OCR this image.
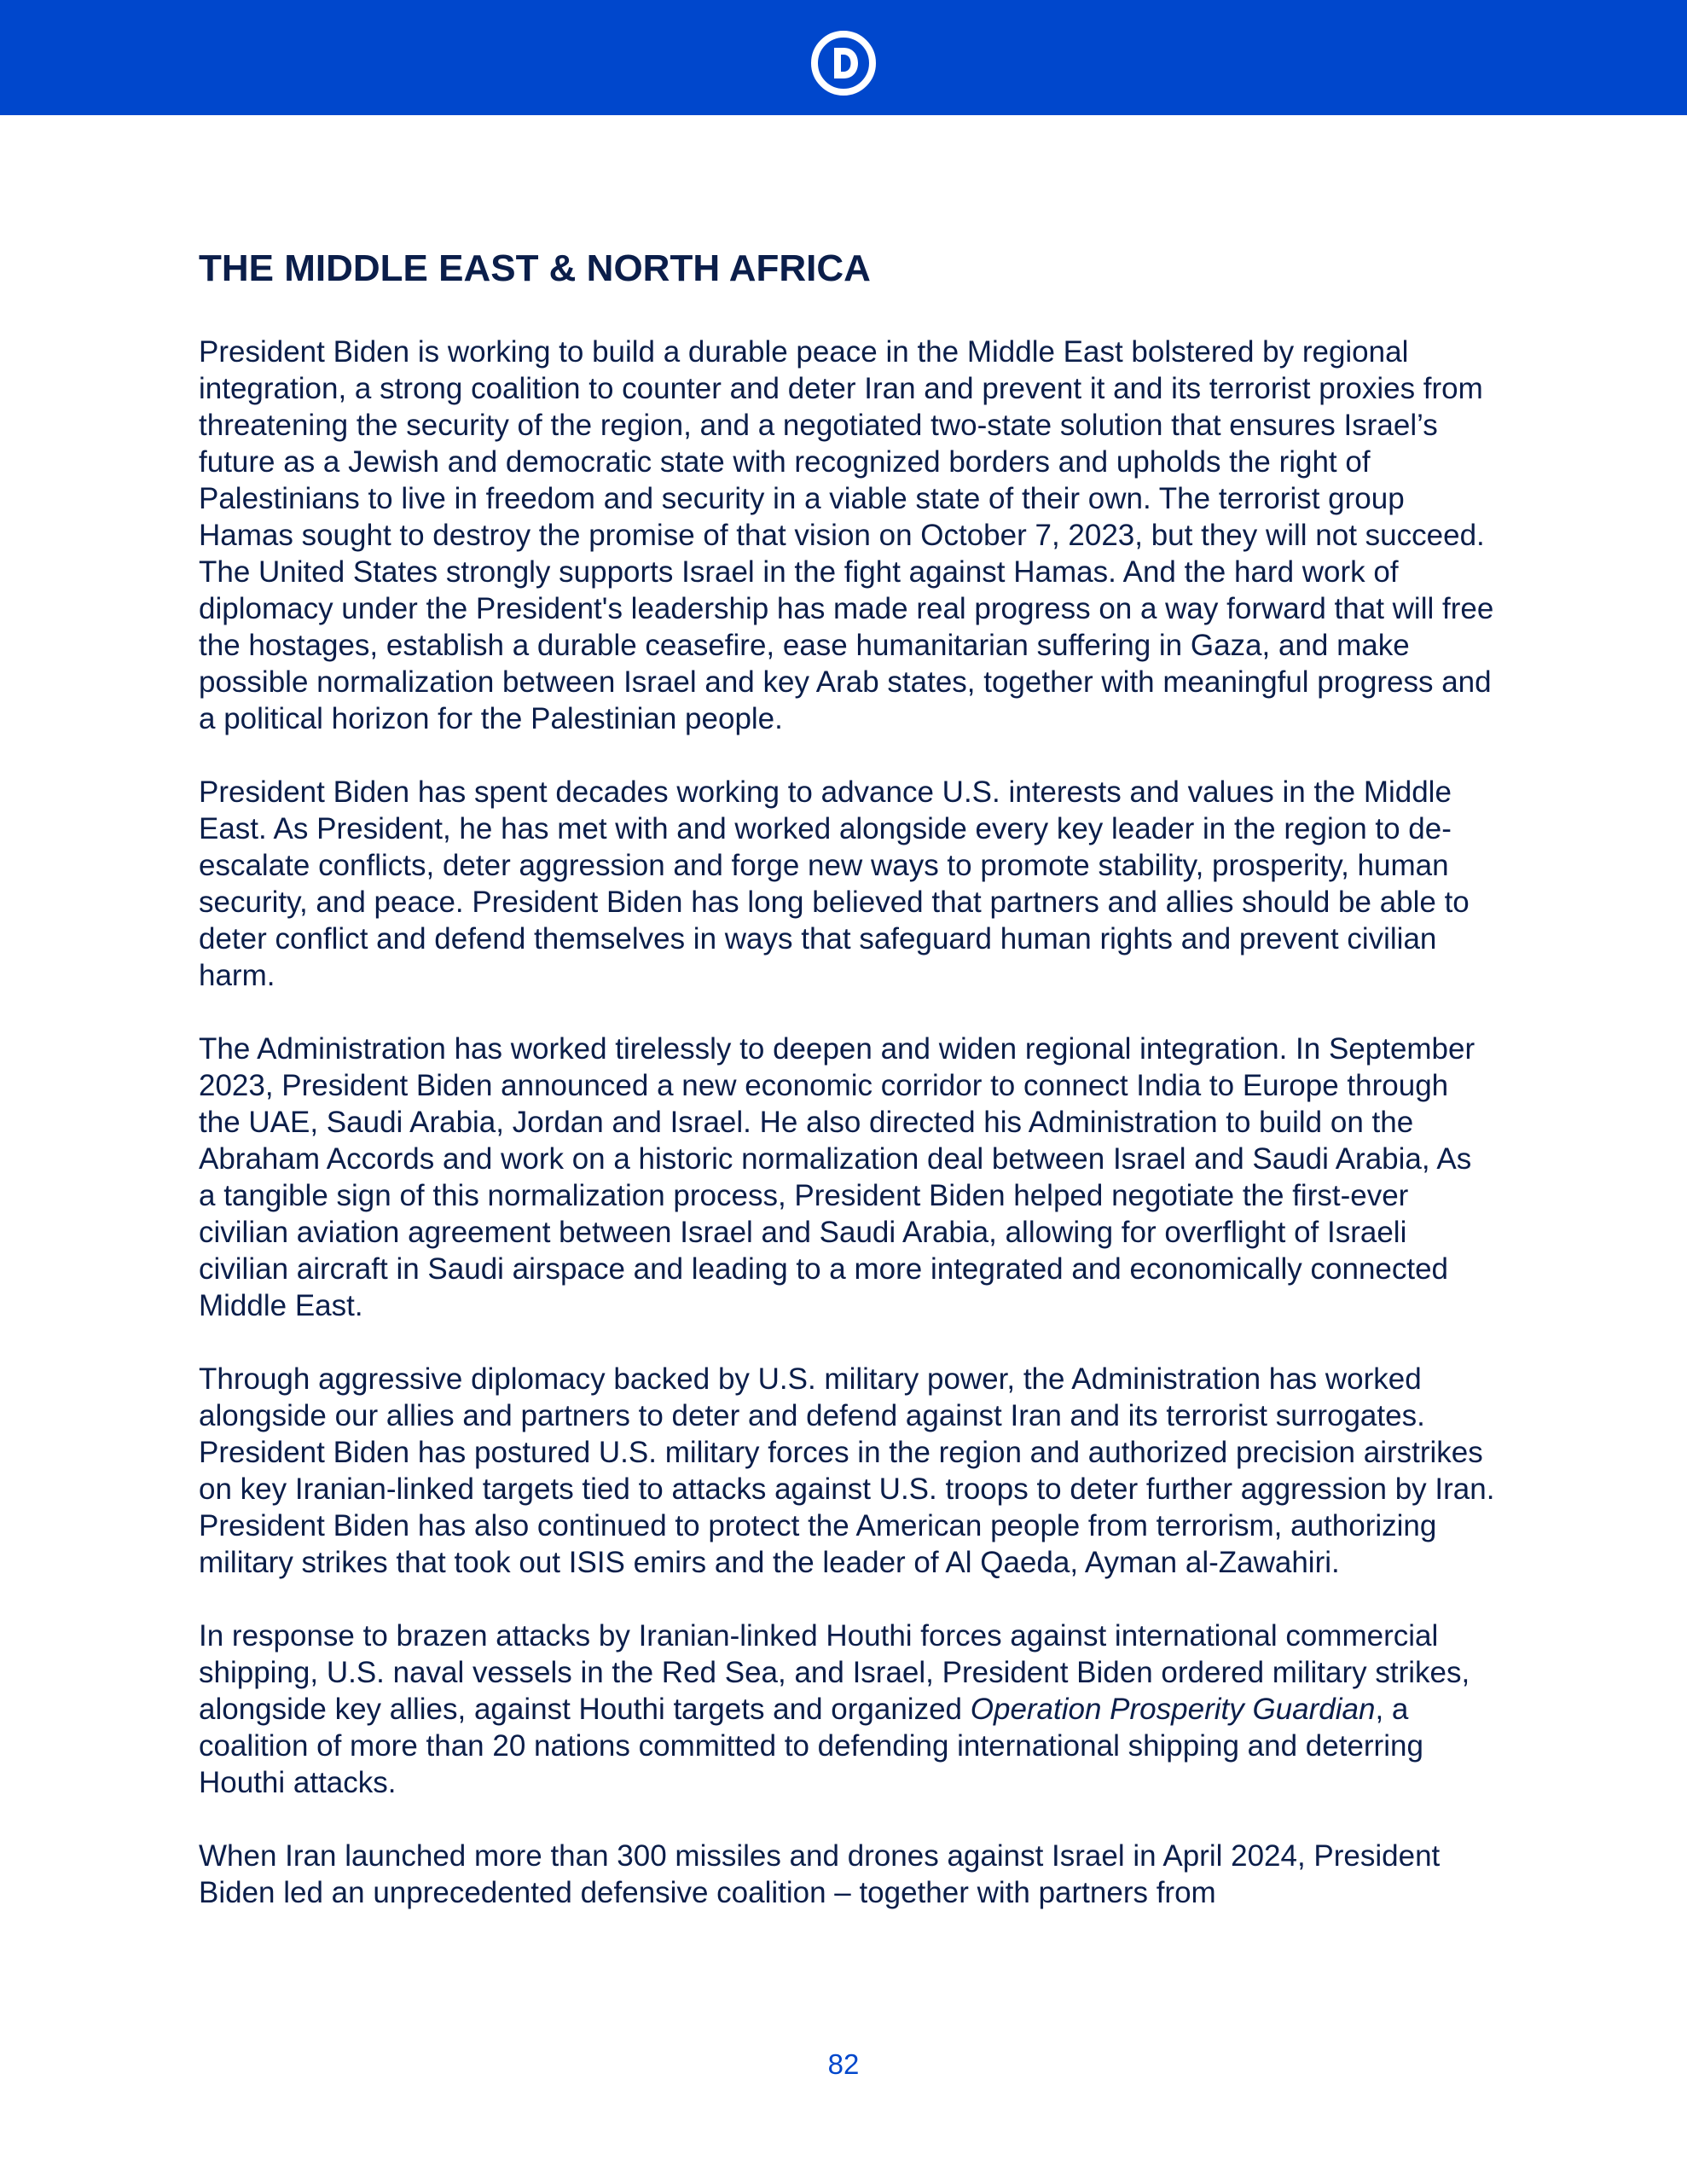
THE MIDDLE EAST & NORTH AFRICA

President Biden is working to build a durable peace in the Middle East bolstered by regional integration, a strong coalition to counter and deter Iran and prevent it and its terrorist proxies from threatening the security of the region, and a negotiated two-state solution that ensures Israel’s future as a Jewish and democratic state with recognized borders and upholds the right of Palestinians to live in freedom and security in a viable state of their own. The terrorist group Hamas sought to destroy the promise of that vision on October 7, 2023, but they will not succeed. The United States strongly supports Israel in the fight against Hamas. And the hard work of diplomacy under the President's leadership has made real progress on a way forward that will free the hostages, establish a durable ceasefire, ease humanitarian suffering in Gaza, and make possible normalization between Israel and key Arab states, together with meaningful progress and a political horizon for the Palestinian people.

President Biden has spent decades working to advance U.S. interests and values in the Middle East. As President, he has met with and worked alongside every key leader in the region to de-escalate conflicts, deter aggression and forge new ways to promote stability, prosperity, human security, and peace. President Biden has long believed that partners and allies should be able to deter conflict and defend themselves in ways that safeguard human rights and prevent civilian harm.

The Administration has worked tirelessly to deepen and widen regional integration. In September 2023, President Biden announced a new economic corridor to connect India to Europe through the UAE, Saudi Arabia, Jordan and Israel. He also directed his Administration to build on the Abraham Accords and work on a historic normalization deal between Israel and Saudi Arabia, As a tangible sign of this normalization process, President Biden helped negotiate the first-ever civilian aviation agreement between Israel and Saudi Arabia, allowing for overflight of Israeli civilian aircraft in Saudi airspace and leading to a more integrated and economically connected Middle East.

Through aggressive diplomacy backed by U.S. military power, the Administration has worked alongside our allies and partners to deter and defend against Iran and its terrorist surrogates. President Biden has postured U.S. military forces in the region and authorized precision airstrikes on key Iranian-linked targets tied to attacks against U.S. troops to deter further aggression by Iran. President Biden has also continued to protect the American people from terrorism, authorizing military strikes that took out ISIS emirs and the leader of Al Qaeda, Ayman al-Zawahiri.

In response to brazen attacks by Iranian-linked Houthi forces against international commercial shipping, U.S. naval vessels in the Red Sea, and Israel, President Biden ordered military strikes, alongside key allies, against Houthi targets and organized Operation Prosperity Guardian, a coalition of more than 20 nations committed to defending international shipping and deterring Houthi attacks.

When Iran launched more than 300 missiles and drones against Israel in April 2024, President Biden led an unprecedented defensive coalition – together with partners from

82
